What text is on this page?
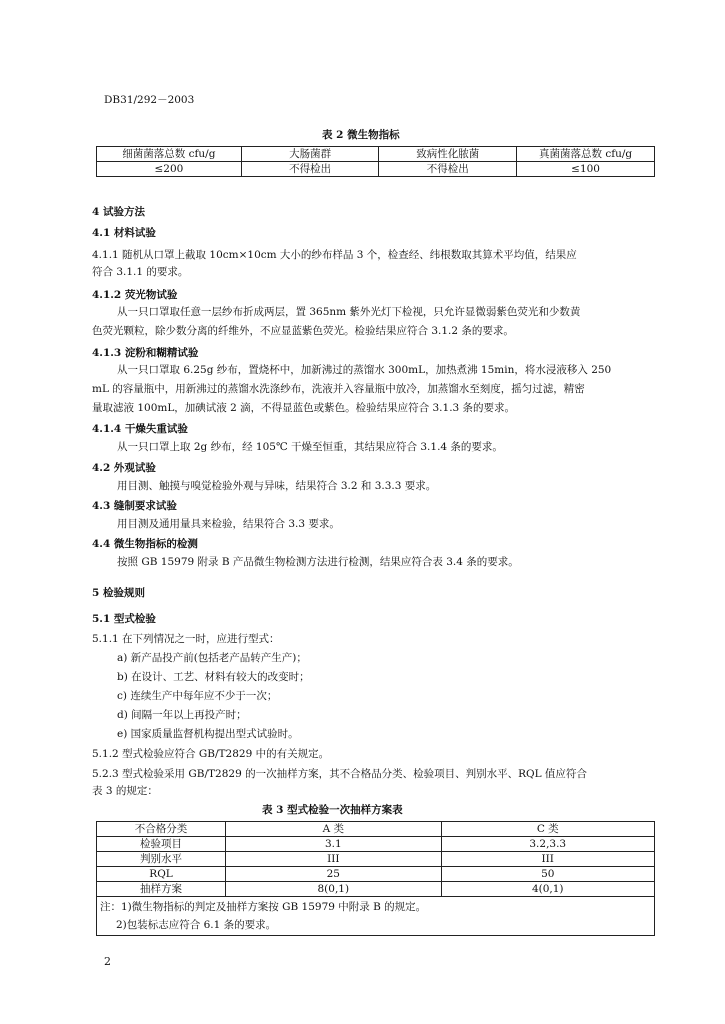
DB31/292－2003
表 2 微生物指标
细菌菌落总数 cfu/g	大肠菌群	致病性化脓菌	真菌菌落总数 cfu/g
≤200	不得检出	不得检出	≤100
4 试验方法
4.1 材料试验
4.1.1 随机从口罩上截取 10cm×10cm 大小的纱布样品 3 个，检查经、纬根数取其算术平均值，结果应
符合 3.1.1 的要求。
4.1.2 荧光物试验
从一只口罩取任意一层纱布折成两层，置 365nm 紫外光灯下检视，只允许显微弱紫色荧光和少数黄
色荧光颗粒，除少数分离的纤维外，不应显蓝紫色荧光。检验结果应符合 3.1.2 条的要求。
4.1.3 淀粉和糊精试验
从一只口罩取 6.25g 纱布，置烧杯中，加新沸过的蒸馏水 300mL，加热煮沸 15min，将水浸液移入 250
mL 的容量瓶中，用新沸过的蒸馏水洗涤纱布，洗液并入容量瓶中放冷，加蒸馏水至刻度，摇匀过滤，精密
量取滤液 100mL，加碘试液 2 滴，不得显蓝色或紫色。检验结果应符合 3.1.3 条的要求。
4.1.4 干燥失重试验
从一只口罩上取 2g 纱布，经 105℃ 干燥至恒重，其结果应符合 3.1.4 条的要求。
4.2 外观试验
用目测、触摸与嗅觉检验外观与异味，结果符合 3.2 和 3.3.3 要求。
4.3 缝制要求试验
用目测及通用量具来检验，结果符合 3.3 要求。
4.4 微生物指标的检测
按照 GB 15979 附录 B 产品微生物检测方法进行检测，结果应符合表 3.4 条的要求。
5 检验规则
5.1 型式检验
5.1.1 在下列情况之一时，应进行型式：
a) 新产品投产前(包括老产品转产生产)；
b) 在设计、工艺、材料有较大的改变时；
c) 连续生产中每年应不少于一次；
d) 间隔一年以上再投产时；
e) 国家质量监督机构提出型式试验时。
5.1.2 型式检验应符合 GB/T2829 中的有关规定。
5.2.3 型式检验采用 GB/T2829 的一次抽样方案，其不合格品分类、检验项目、判别水平、RQL 值应符合
表 3 的规定：
表 3 型式检验一次抽样方案表
不合格分类	A 类	C 类
检验项目	3.1	3.2,3.3
判别水平	III	III
RQL	25	50
抽样方案	8(0,1)	4(0,1)

注：1)微生物指标的判定及抽样方案按 GB 15979 中附录 B 的规定。
2)包装标志应符合 6.1 条的要求。		
2
